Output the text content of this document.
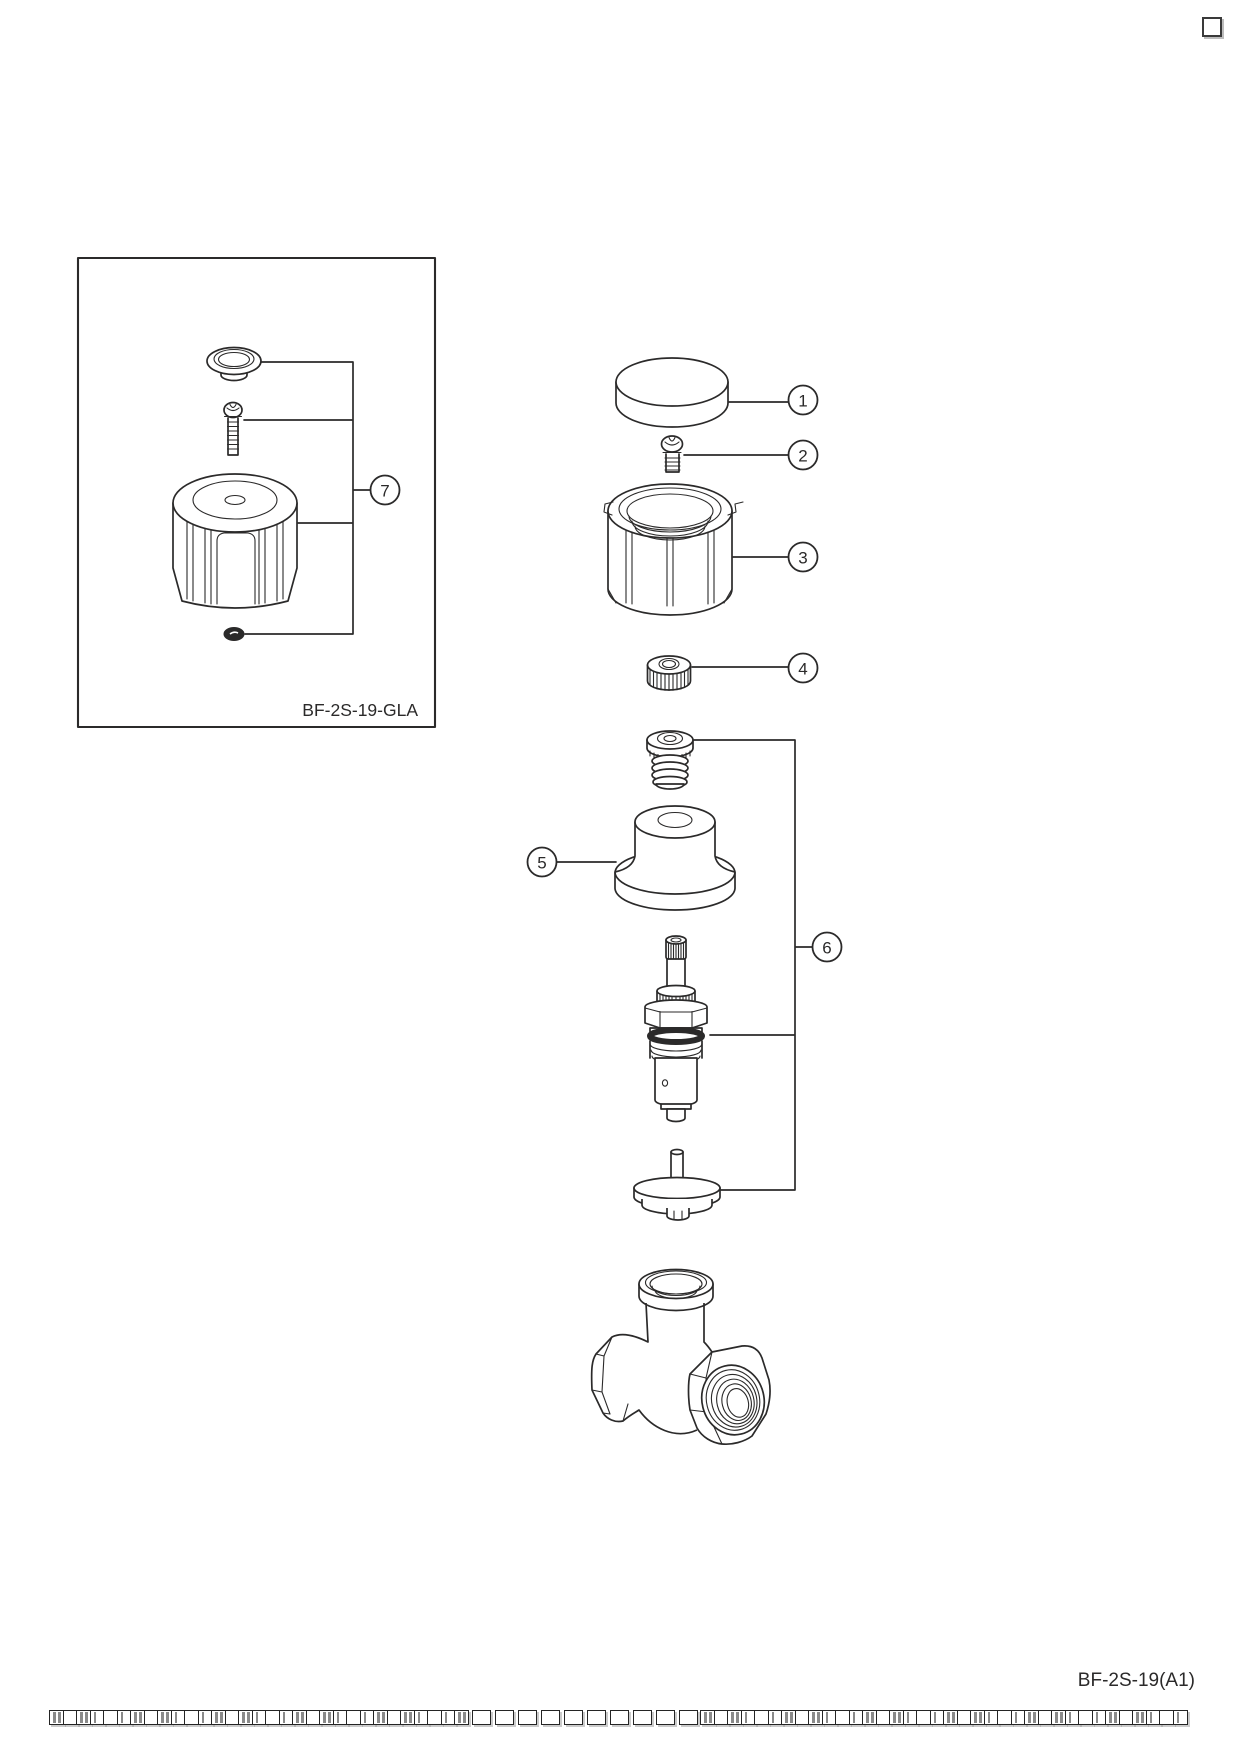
7
BF-2S-19-GLA
1
2
3
4
5
6
BF-2S-19(A1)
